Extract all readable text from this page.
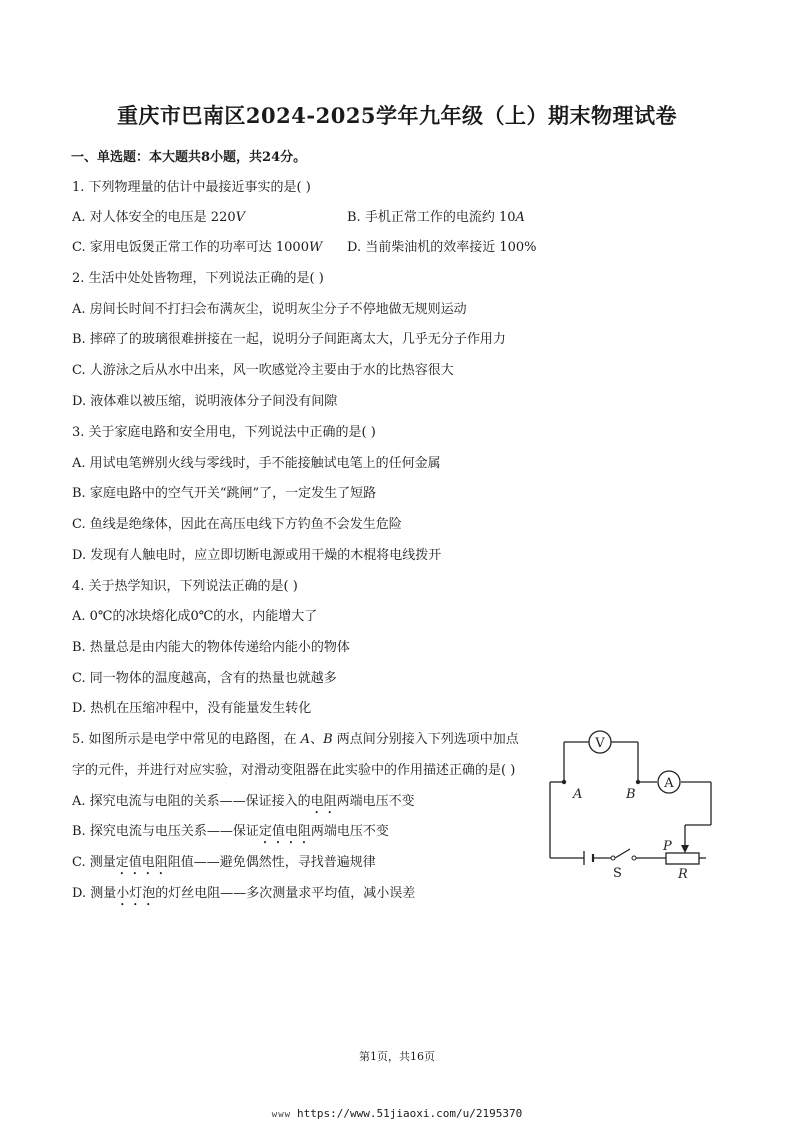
重庆市巴南区2024-2025学年九年级（上）期末物理试卷
一、单选题：本大题共8小题，共24分。
1. 下列物理量的估计中最接近事实的是( )
A. 对人体安全的电压是 220V	B. 手机正常工作的电流约 10A
C. 家用电饭煲正常工作的功率可达 1000W D. 当前柴油机的效率接近 100%
2. 生活中处处皆物理，下列说法正确的是( )
A. 房间长时间不打扫会布满灰尘，说明灰尘分子不停地做无规则运动
B. 摔碎了的玻璃很难拼接在一起，说明分子间距离太大，几乎无分子作用力
C. 人游泳之后从水中出来，风一吹感觉冷主要由于水的比热容很大
D. 液体难以被压缩，说明液体分子间没有间隙
3. 关于家庭电路和安全用电，下列说法中正确的是( )
A. 用试电笔辨别火线与零线时，手不能接触试电笔上的任何金属
B. 家庭电路中的空气开关“跳闸”了，一定发生了短路
C. 鱼线是绝缘体，因此在高压电线下方钓鱼不会发生危险
D. 发现有人触电时，应立即切断电源或用干燥的木棍将电线拨开
4. 关于热学知识，下列说法正确的是( )
A. 0℃的冰块熔化成0℃的水，内能增大了
B. 热量总是由内能大的物体传递给内能小的物体
C. 同一物体的温度越高，含有的热量也就越多
D. 热机在压缩冲程中，没有能量发生转化
5. 如图所示是电学中常见的电路图，在 A、B 两点间分别接入下列选项中加点
字的元件，并进行对应实验，对滑动变阻器在此实验中的作用描述正确的是( )
A. 探究电流与电阻的关系——保证接入的电阻两端电压不变
B. 探究电流与电压关系——保证定值电阻两端电压不变
C. 测量定值电阻阻值——避免偶然性，寻找普遍规律
D. 测量小灯泡的灯丝电阻——多次测量求平均值，减小误差
V
A
A	B
S
P
R
第1页，共16页
www https://www.51jiaoxi.com/u/2195370
